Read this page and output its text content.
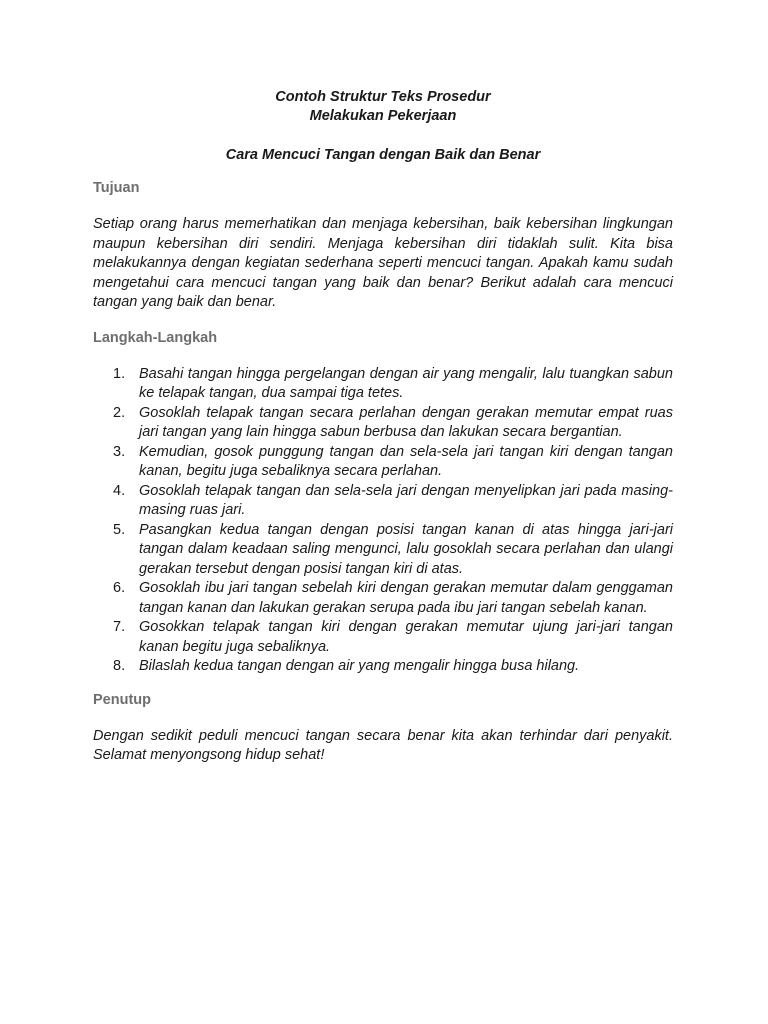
Contoh Struktur Teks Prosedur
Melakukan Pekerjaan
Cara Mencuci Tangan dengan Baik dan Benar
Tujuan
Setiap orang harus memerhatikan dan menjaga kebersihan, baik kebersihan lingkungan maupun kebersihan diri sendiri. Menjaga kebersihan diri tidaklah sulit. Kita bisa melakukannya dengan kegiatan sederhana seperti mencuci tangan. Apakah kamu sudah mengetahui cara mencuci tangan yang baik dan benar? Berikut adalah cara mencuci tangan yang baik dan benar.
Langkah-Langkah
1. Basahi tangan hingga pergelangan dengan air yang mengalir, lalu tuangkan sabun ke telapak tangan, dua sampai tiga tetes.
2. Gosoklah telapak tangan secara perlahan dengan gerakan memutar empat ruas jari tangan yang lain hingga sabun berbusa dan lakukan secara bergantian.
3. Kemudian, gosok punggung tangan dan sela-sela jari tangan kiri dengan tangan kanan, begitu juga sebaliknya secara perlahan.
4. Gosoklah telapak tangan dan sela-sela jari dengan menyelipkan jari pada masing-masing ruas jari.
5. Pasangkan kedua tangan dengan posisi tangan kanan di atas hingga jari-jari tangan dalam keadaan saling mengunci, lalu gosoklah secara perlahan dan ulangi gerakan tersebut dengan posisi tangan kiri di atas.
6. Gosoklah ibu jari tangan sebelah kiri dengan gerakan memutar dalam genggaman tangan kanan dan lakukan gerakan serupa pada ibu jari tangan sebelah kanan.
7. Gosokkan telapak tangan kiri dengan gerakan memutar ujung jari-jari tangan kanan begitu juga sebaliknya.
8. Bilaslah kedua tangan dengan air yang mengalir hingga busa hilang.
Penutup
Dengan sedikit peduli mencuci tangan secara benar kita akan terhindar dari penyakit. Selamat menyongsong hidup sehat!
